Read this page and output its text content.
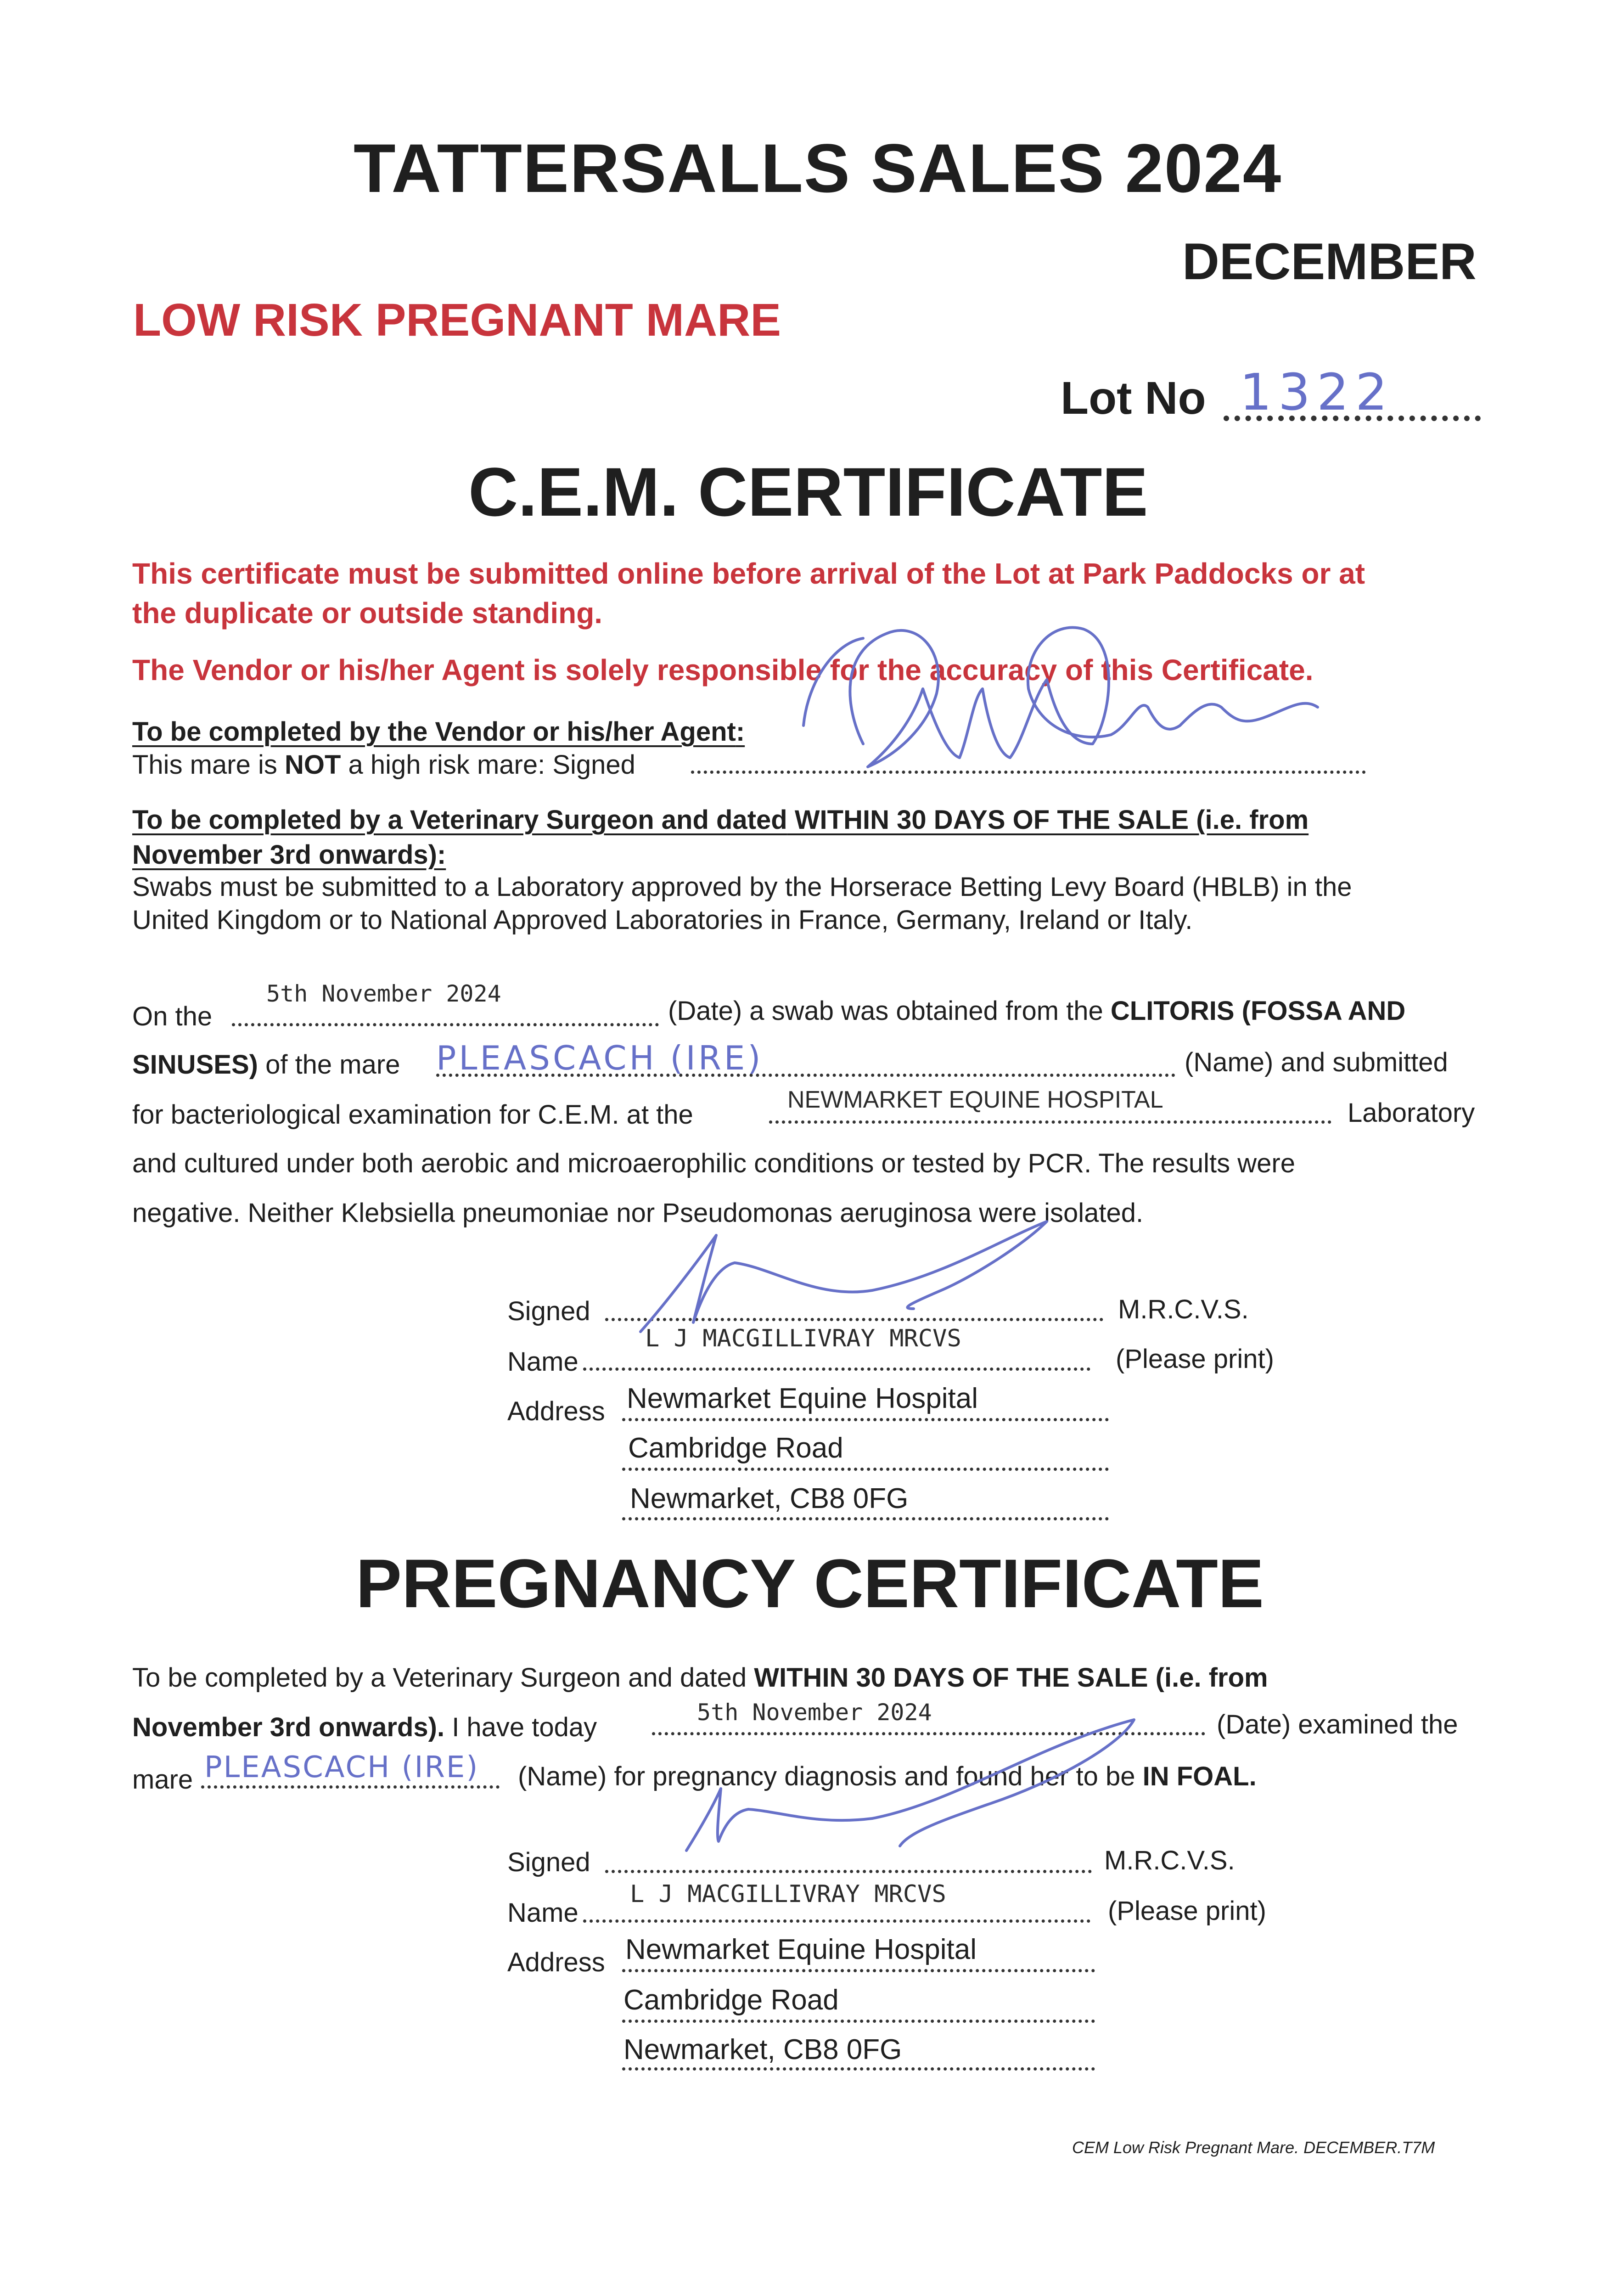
TATTERSALLS SALES 2024
DECEMBER
LOW RISK PREGNANT MARE
Lot No 1322
C.E.M. CERTIFICATE
This certificate must be submitted online before arrival of the Lot at Park Paddocks or at
the duplicate or outside standing.
The Vendor or his/her Agent is solely responsible for the accuracy of this Certificate.
To be completed by the Vendor or his/her Agent:
This mare is NOT a high risk mare: Signed
To be completed by a Veterinary Surgeon and dated WITHIN 30 DAYS OF THE SALE (i.e. from
November 3rd onwards):
Swabs must be submitted to a Laboratory approved by the Horserace Betting Levy Board (HBLB) in the
United Kingdom or to National Approved Laboratories in France, Germany, Ireland or Italy.
On the
5th November 2024
(Date) a swab was obtained from the CLITORIS (FOSSA AND
SINUSES) of the mare PLEASCACH (IRE)	(Name) and submitted
for bacteriological examination for C.E.M. at the	NEWMARKET EQUINE HOSPITAL	Laboratory
and cultured under both aerobic and microaerophilic conditions or tested by PCR. The results were
negative. Neither Klebsiella pneumoniae nor Pseudomonas aeruginosa were isolated.
Signed	M.R.C.V.S.
Name
L J MACGILLIVRAY MRCVS
(Please print)
Address Newmarket Equine Hospital
Cambridge Road
Newmarket, CB8 0FG
PREGNANCY CERTIFICATE
To be completed by a Veterinary Surgeon and dated WITHIN 30 DAYS OF THE SALE (i.e. from
November 3rd onwards). I have today	5th November 2024	(Date) examined the
mare PLEASCACH (IRE) (Name) for pregnancy diagnosis and found her to be IN FOAL.
Signed	M.R.C.V.S.
Name
L J MACGILLIVRAY MRCVS
(Please print)
Address Newmarket Equine Hospital
Cambridge Road
Newmarket, CB8 0FG
CEM Low Risk Pregnant Mare. DECEMBER.T7M
